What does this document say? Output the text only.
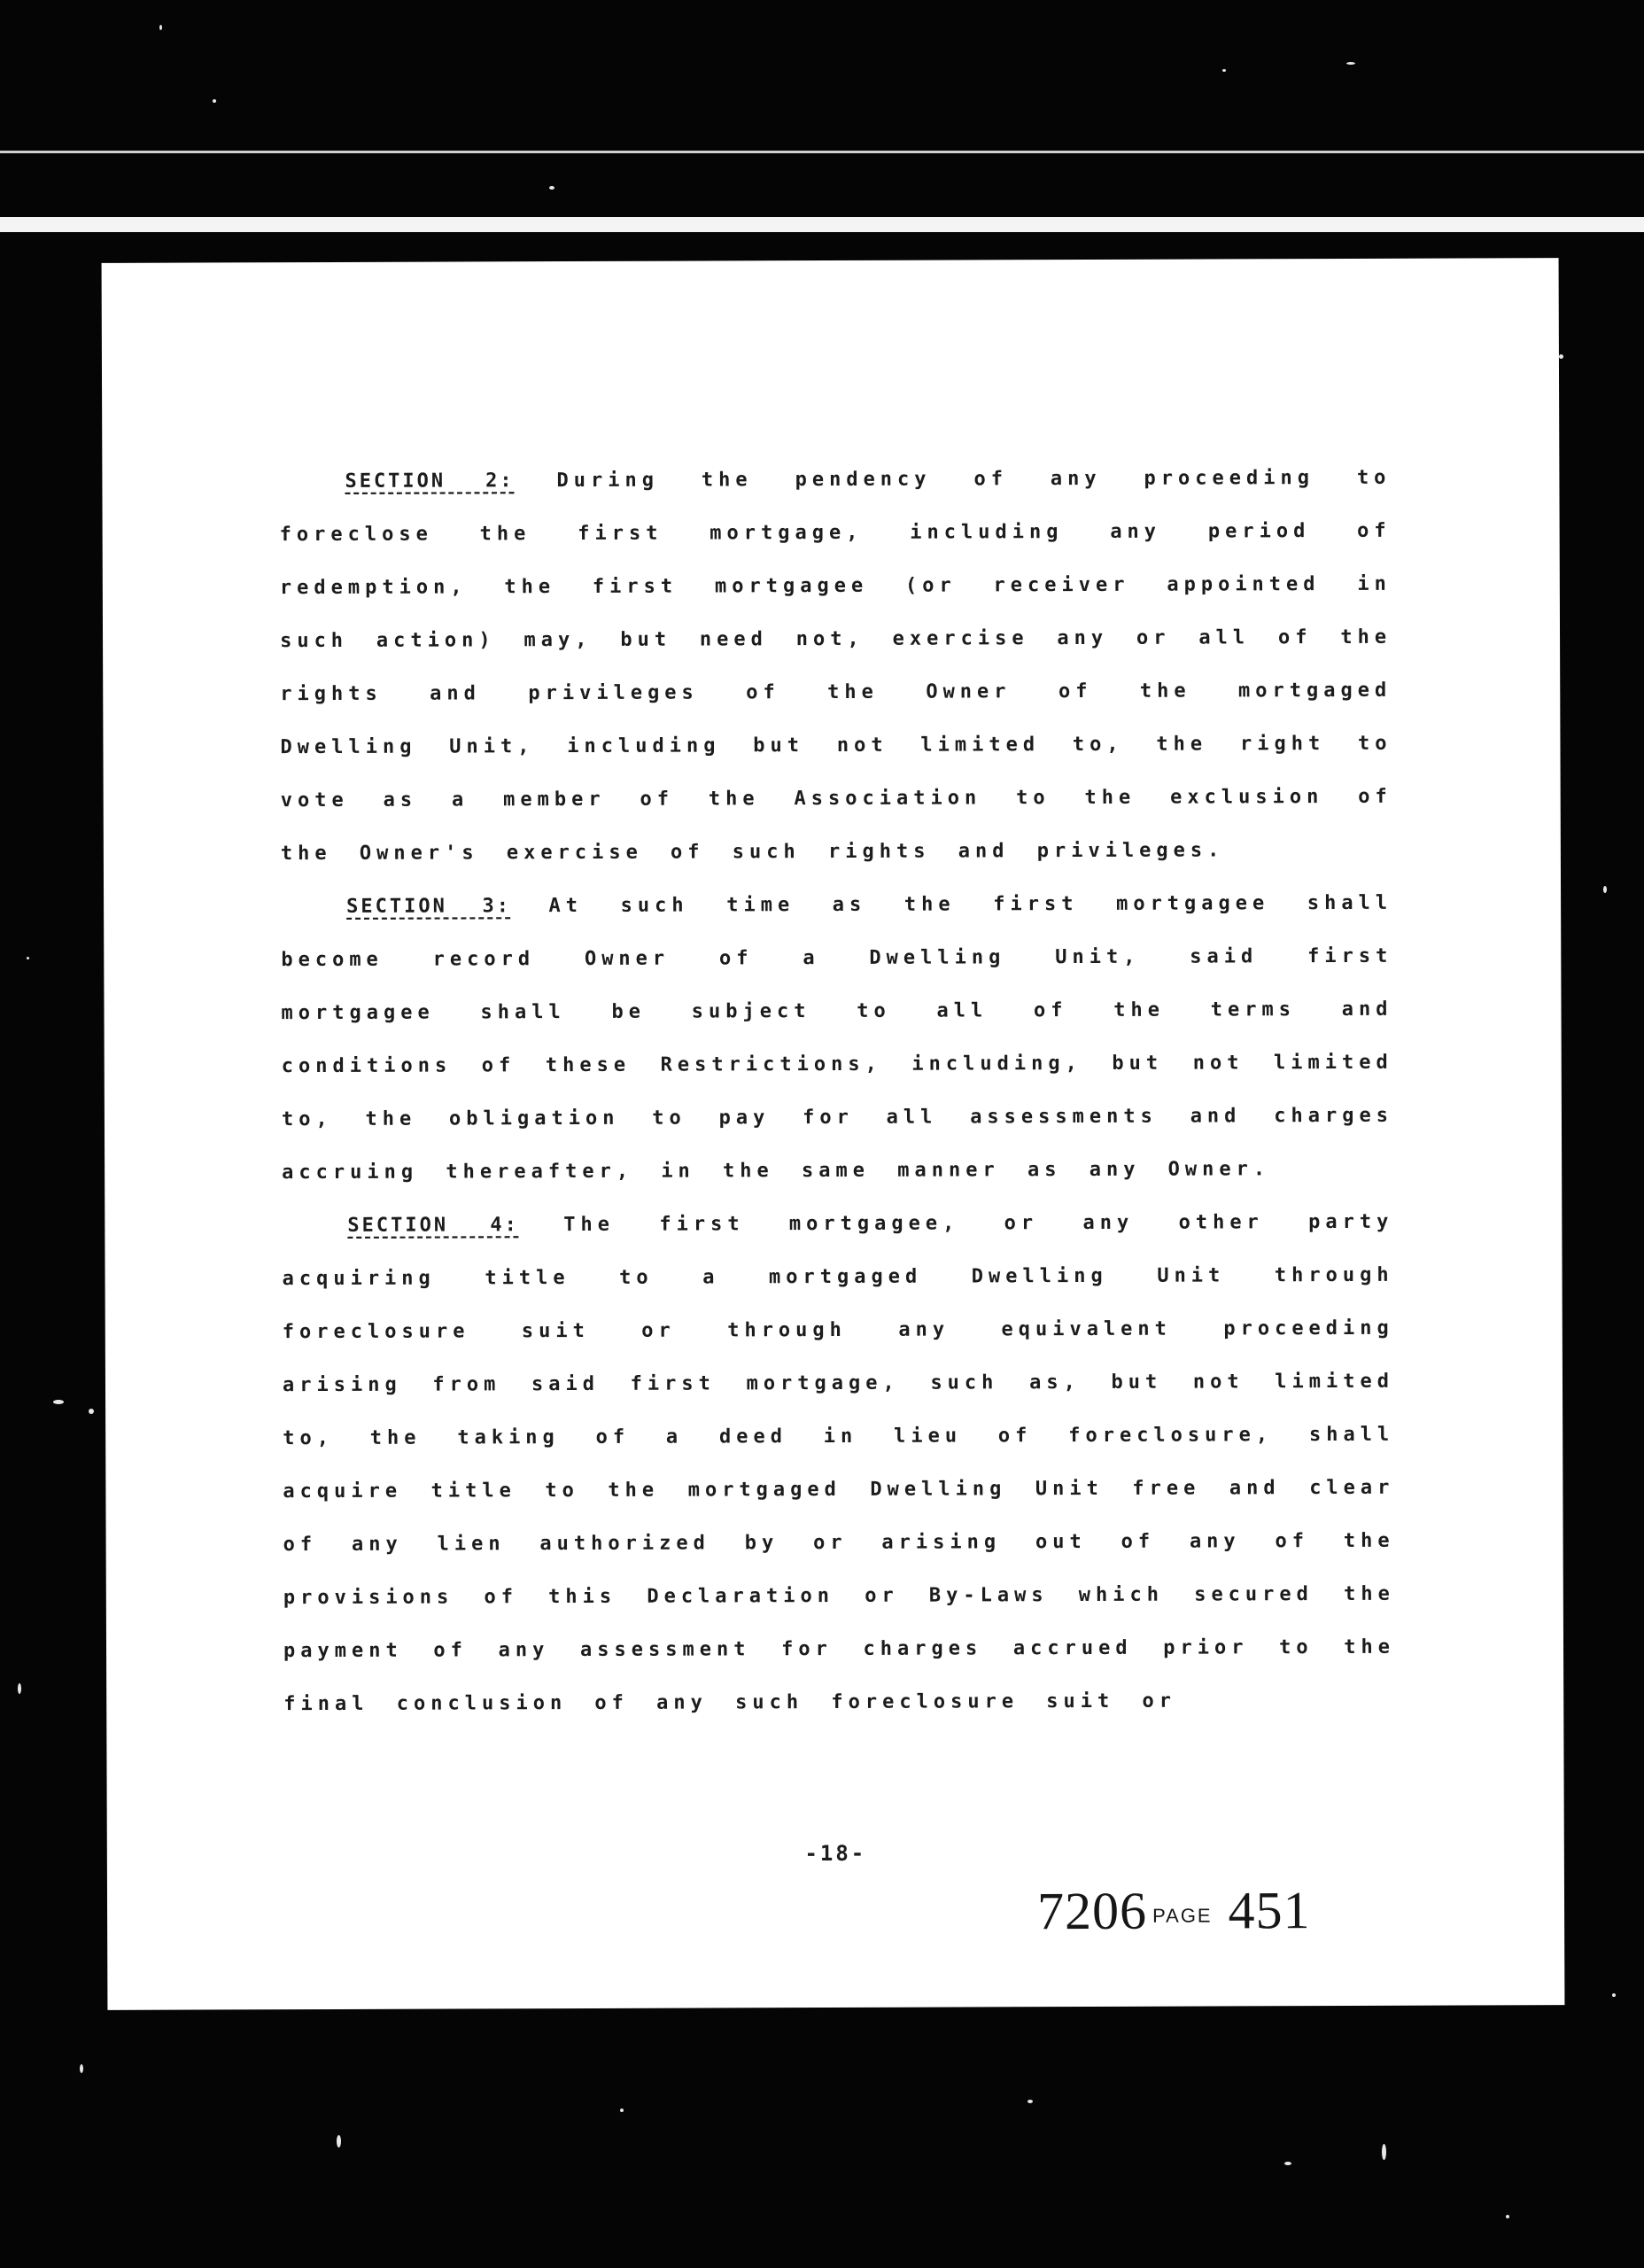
SECTION 2: During the pendency of any proceeding to foreclose the first mortgage, including any period of redemption, the first mortgagee (or receiver appointed in such action) may, but need not, exercise any or all of the rights and privileges of the Owner of the mortgaged Dwelling Unit, including but not limited to, the right to vote as a member of the Association to the exclusion of the Owner's exercise of such rights and privileges.

SECTION 3: At such time as the first mortgagee shall become record Owner of a Dwelling Unit, said first mortgagee shall be subject to all of the terms and conditions of these Restrictions, including, but not limited to, the obligation to pay for all assessments and charges accruing thereafter, in the same manner as any Owner.

SECTION 4: The first mortgagee, or any other party acquiring title to a mortgaged Dwelling Unit through foreclosure suit or through any equivalent proceeding arising from said first mortgage, such as, but not limited to, the taking of a deed in lieu of foreclosure, shall acquire title to the mortgaged Dwelling Unit free and clear of any lien authorized by or arising out of any of the provisions of this Declaration or By-Laws which secured the payment of any assessment for charges accrued prior to the final conclusion of any such foreclosure suit or

-18-
7206 PAGE 451
